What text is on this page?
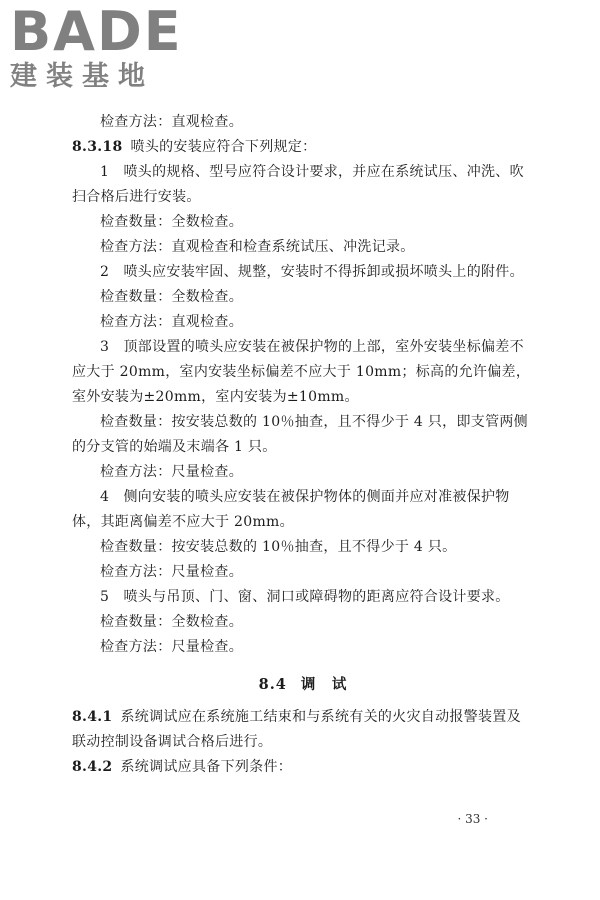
BADE
建装基地

检查方法：直观检查。

8.3.18 喷头的安装应符合下列规定：

1　喷头的规格、型号应符合设计要求，并应在系统试压、冲洗、吹扫合格后进行安装。

检查数量：全数检查。

检查方法：直观检查和检查系统试压、冲洗记录。

2　喷头应安装牢固、规整，安装时不得拆卸或损坏喷头上的附件。

检查数量：全数检查。

检查方法：直观检查。

3　顶部设置的喷头应安装在被保护物的上部，室外安装坐标偏差不应大于 20mm，室内安装坐标偏差不应大于 10mm；标高的允许偏差，室外安装为±20mm，室内安装为±10mm。

检查数量：按安装总数的 10％抽查，且不得少于 4 只，即支管两侧的分支管的始端及末端各 1 只。

检查方法：尺量检查。

4　侧向安装的喷头应安装在被保护物体的侧面并应对准被保护物体，其距离偏差不应大于 20mm。

检查数量：按安装总数的 10％抽查，且不得少于 4 只。

检查方法：尺量检查。

5　喷头与吊顶、门、窗、洞口或障碍物的距离应符合设计要求。

检查数量：全数检查。

检查方法：尺量检查。

8.4 调　试

8.4.1 系统调试应在系统施工结束和与系统有关的火灾自动报警装置及联动控制设备调试合格后进行。

8.4.2 系统调试应具备下列条件：

· 33 ·
